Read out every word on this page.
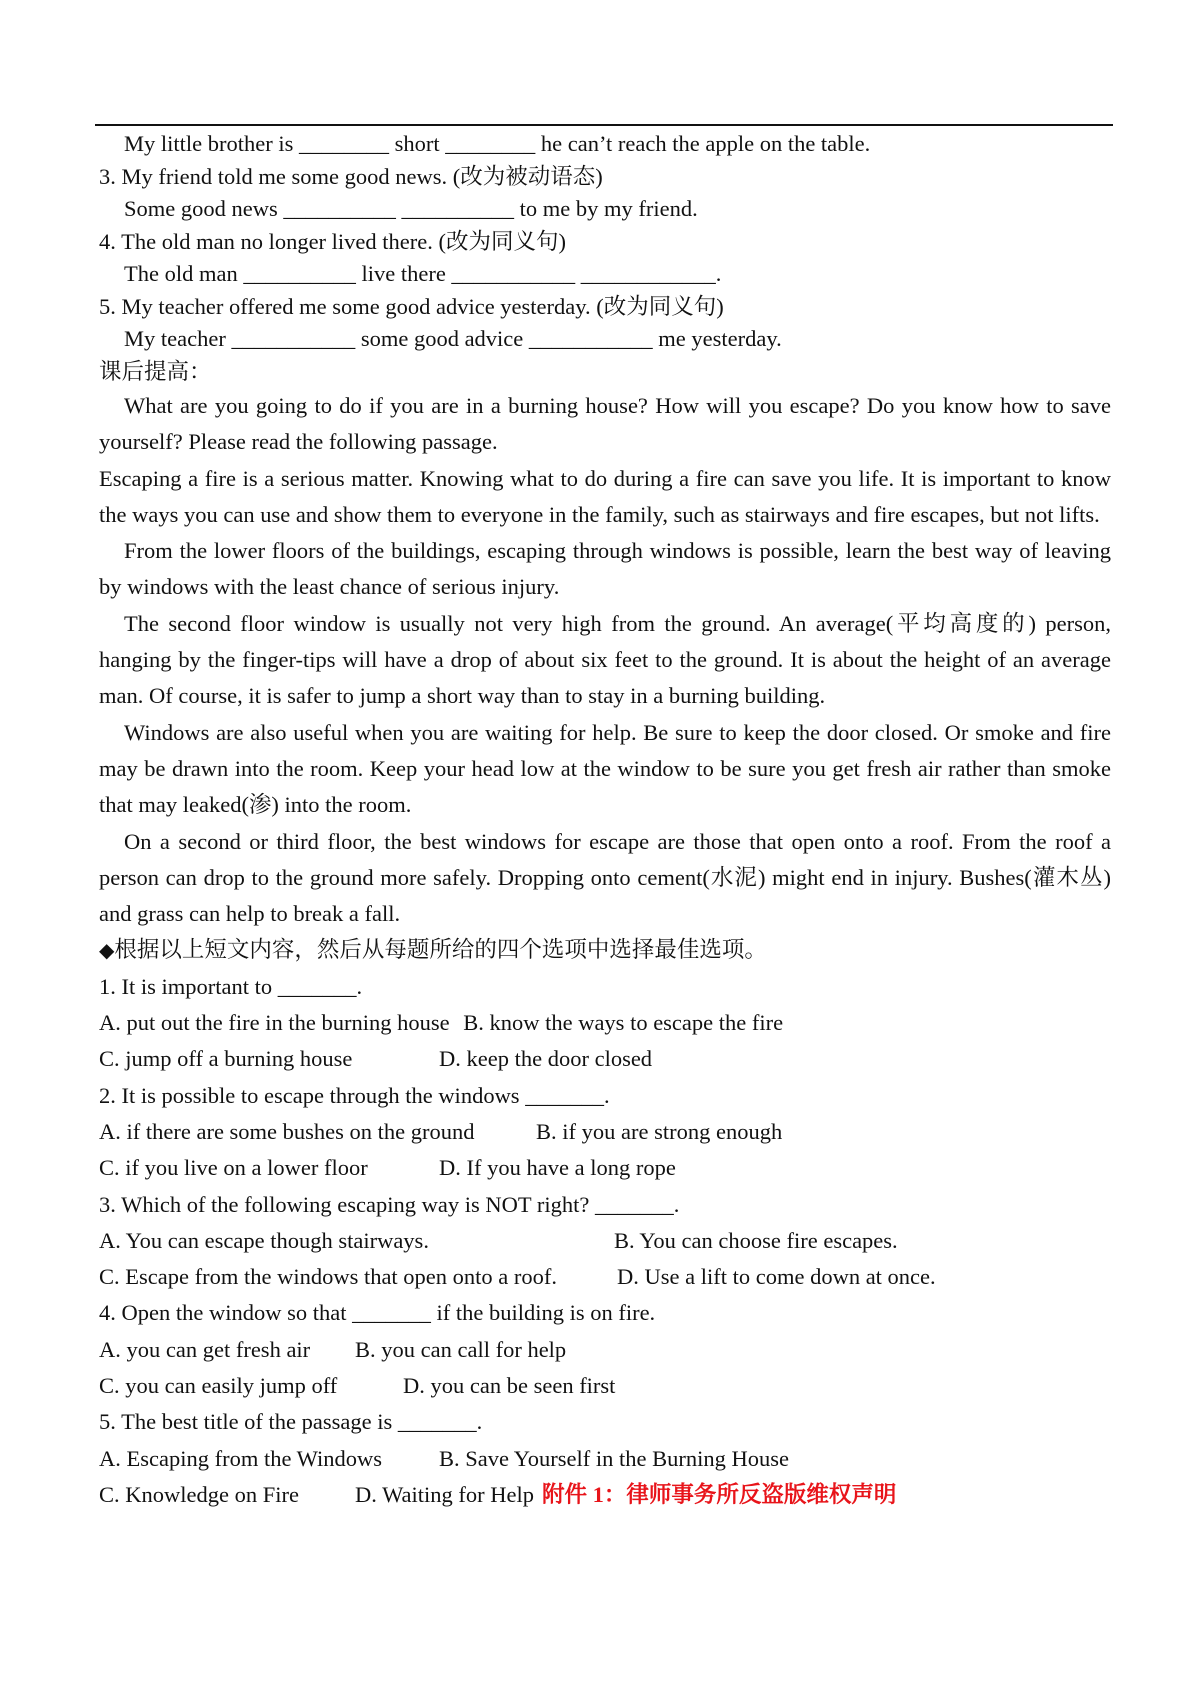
My little brother is ________ short ________ he can’t reach the apple on the table.
3. My friend told me some good news. (改为被动语态)
Some good news __________ __________ to me by my friend.
4. The old man no longer lived there. (改为同义句)
The old man __________ live there ___________ ____________.
5. My teacher offered me some good advice yesterday. (改为同义句)
My teacher ___________ some good advice ___________ me yesterday.
课后提高：

What are you going to do if you are in a burning house? How will you escape? Do you know how to save yourself? Please read the following passage.

Escaping a fire is a serious matter. Knowing what to do during a fire can save you life. It is important to know the ways you can use and show them to everyone in the family, such as stairways and fire escapes, but not lifts.

From the lower floors of the buildings, escaping through windows is possible, learn the best way of leaving by windows with the least chance of serious injury.

The second floor window is usually not very high from the ground. An average(平均高度的) person, hanging by the finger-tips will have a drop of about six feet to the ground. It is about the height of an average man. Of course, it is safer to jump a short way than to stay in a burning building.

Windows are also useful when you are waiting for help. Be sure to keep the door closed. Or smoke and fire may be drawn into the room. Keep your head low at the window to be sure you get fresh air rather than smoke that may leaked(渗) into the room.

On a second or third floor, the best windows for escape are those that open onto a roof. From the roof a person can drop to the ground more safely. Dropping onto cement(水泥) might end in injury. Bushes(灌木丛) and grass can help to break a fall.

◆根据以上短文内容，然后从每题所给的四个选项中选择最佳选项。
1. It is important to _______.
A. put out the fire in the burning house B. know the ways to escape the fire
C. jump off a burning house	D. keep the door closed
2. It is possible to escape through the windows _______.
A. if there are some bushes on the ground	B. if you are strong enough
C. if you live on a lower floor	D. If you have a long rope
3. Which of the following escaping way is NOT right? _______.
A. You can escape though stairways.	B. You can choose fire escapes.
C. Escape from the windows that open onto a roof.	D. Use a lift to come down at once.
4. Open the window so that _______ if the building is on fire.
A. you can get fresh air B. you can call for help
C. you can easily jump off	D. you can be seen first
5. The best title of the passage is _______.
A. Escaping from the Windows	B. Save Yourself in the Burning House
C. Knowledge on Fire D. Waiting for Help 附件 1：律师事务所反盗版维权声明
